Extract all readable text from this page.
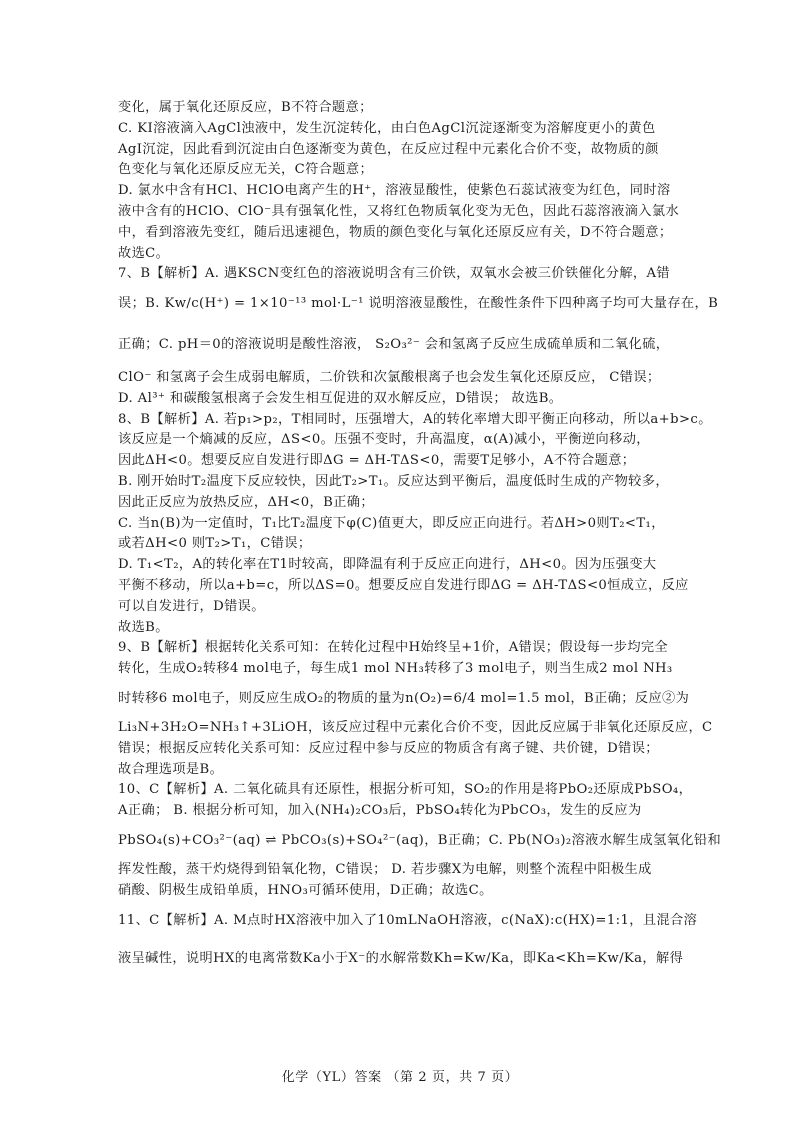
变化，属于氧化还原反应，B不符合题意；
C. KI溶液滴入AgCl浊液中，发生沉淀转化，由白色AgCl沉淀逐渐变为溶解度更小的黄色
AgI沉淀，因此看到沉淀由白色逐渐变为黄色，在反应过程中元素化合价不变，故物质的颜
色变化与氧化还原反应无关，C符合题意；
D. 氯水中含有HCl、HClO电离产生的H⁺，溶液显酸性，使紫色石蕊试液变为红色，同时溶
液中含有的HClO、ClO⁻具有强氧化性，又将红色物质氧化变为无色，因此石蕊溶液滴入氯水
中，看到溶液先变红，随后迅速褪色，物质的颜色变化与氧化还原反应有关，D不符合题意；
故选C。
7、B【解析】A. 遇KSCN变红色的溶液说明含有三价铁，双氧水会被三价铁催化分解，A错
误；B. Kw/c(H⁺) = 1×10⁻¹³ mol·L⁻¹ 说明溶液显酸性，在酸性条件下四种离子均可大量存在，B
正确；C. pH＝0的溶液说明是酸性溶液， S₂O₃²⁻ 会和氢离子反应生成硫单质和二氧化硫，
ClO⁻ 和氢离子会生成弱电解质，二价铁和次氯酸根离子也会发生氧化还原反应， C错误；
D. Al³⁺ 和碳酸氢根离子会发生相互促进的双水解反应，D错误； 故选B。
8、B【解析】A. 若p₁>p₂，T相同时，压强增大，A的转化率增大即平衡正向移动，所以a+b>c。
该反应是一个熵减的反应，ΔS<0。压强不变时，升高温度，α(A)减小，平衡逆向移动，
因此ΔH<0。想要反应自发进行即ΔG = ΔH-TΔS<0，需要T足够小，A不符合题意；
B. 刚开始时T₂温度下反应较快，因此T₂>T₁。反应达到平衡后，温度低时生成的产物较多，
因此正反应为放热反应，ΔH<0，B正确；
C. 当n(B)为一定值时，T₁比T₂温度下φ(C)值更大，即反应正向进行。若ΔH>0则T₂<T₁，
或若ΔH<0 则T₂>T₁，C错误；
D. T₁<T₂，A的转化率在T1时较高，即降温有利于反应正向进行，ΔH<0。因为压强变大
平衡不移动，所以a+b=c，所以ΔS=0。想要反应自发进行即ΔG = ΔH-TΔS<0恒成立，反应
可以自发进行，D错误。
故选B。
9、B【解析】根据转化关系可知：在转化过程中H始终呈+1价，A错误；假设每一步均完全
转化，生成O₂转移4 mol电子，每生成1 mol NH₃转移了3 mol电子，则当生成2 mol NH₃
时转移6 mol电子，则反应生成O₂的物质的量为n(O₂)=6/4 mol=1.5 mol，B正确；反应②为
Li₃N+3H₂O=NH₃↑+3LiOH，该反应过程中元素化合价不变，因此反应属于非氧化还原反应，C
错误；根据反应转化关系可知：反应过程中参与反应的物质含有离子键、共价键，D错误；
故合理选项是B。
10、C【解析】A. 二氧化硫具有还原性，根据分析可知，SO₂的作用是将PbO₂还原成PbSO₄，
A正确； B. 根据分析可知，加入(NH₄)₂CO₃后，PbSO₄转化为PbCO₃，发生的反应为
PbSO₄(s)+CO₃²⁻(aq) ⇌ PbCO₃(s)+SO₄²⁻(aq)，B正确；C. Pb(NO₃)₂溶液水解生成氢氧化铅和
挥发性酸，蒸干灼烧得到铅氧化物，C错误； D. 若步骤X为电解，则整个流程中阳极生成
硝酸、阴极生成铅单质，HNO₃可循环使用，D正确；故选C。
11、C【解析】A. M点时HX溶液中加入了10mLNaOH溶液，c(NaX):c(HX)=1:1，且混合溶
液呈碱性，说明HX的电离常数Ka小于X⁻的水解常数Kh=Kw/Ka，即Ka<Kh=Kw/Ka，解得
化学（YL）答案 （第 2 页，共 7 页）
